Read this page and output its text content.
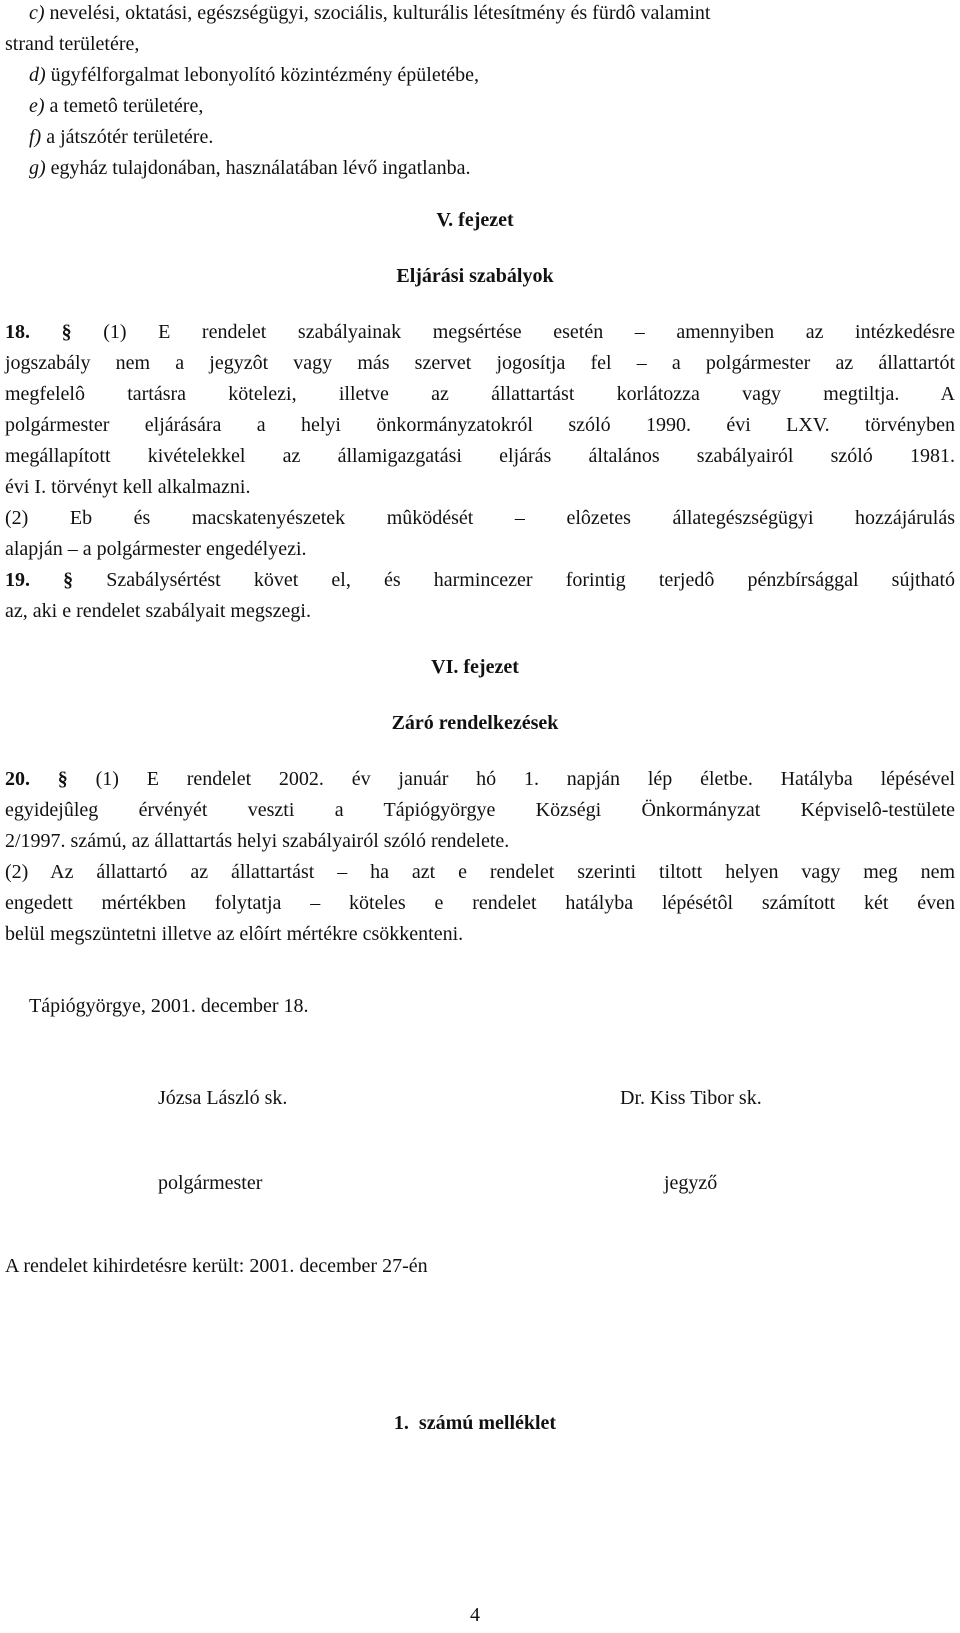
c) nevelési, oktatási, egészségügyi, szociális, kulturális létesítmény és fürdô valamint
strand területére,
d) ügyfélforgalmat lebonyolító közintézmény épületébe,
e) a temetô területére,
f) a játszótér területére.
g) egyház tulajdonában, használatában lévő ingatlanba.
V. fejezet
Eljárási szabályok
18. § (1) E rendelet szabályainak megsértése esetén – amennyiben az intézkedésre
jogszabály nem a jegyzôt vagy más szervet jogosítja fel – a polgármester az állattartót
megfelelô tartásra kötelezi, illetve az állattartást korlátozza vagy megtiltja. A
polgármester eljárására a helyi önkormányzatokról szóló 1990. évi LXV. törvényben
megállapított kivételekkel az államigazgatási eljárás általános szabályairól szóló 1981.
évi I. törvényt kell alkalmazni.
(2) Eb és macskatenyészetek mûködését – elôzetes állategészségügyi hozzájárulás
alapján – a polgármester engedélyezi.
19. § Szabálysértést követ el, és harmincezer forintig terjedô pénzbírsággal sújtható
az, aki e rendelet szabályait megszegi.
VI. fejezet
Záró rendelkezések
20. § (1) E rendelet 2002. év január hó 1. napján lép életbe. Hatályba lépésével
egyidejûleg érvényét veszti a Tápiógyörgye Községi Önkormányzat Képviselô-testülete
2/1997. számú, az állattartás helyi szabályairól szóló rendelete.
(2) Az állattartó az állattartást – ha azt e rendelet szerinti tiltott helyen vagy meg nem
engedett mértékben folytatja – köteles e rendelet hatályba lépésétôl számított két éven
belül megszüntetni illetve az elôírt mértékre csökkenteni.
Tápiógyörgye, 2001. december 18.
Józsa László sk.	Dr. Kiss Tibor sk.
polgármester	jegyző
A rendelet kihirdetésre került: 2001. december 27-én
1.  számú melléklet
4
